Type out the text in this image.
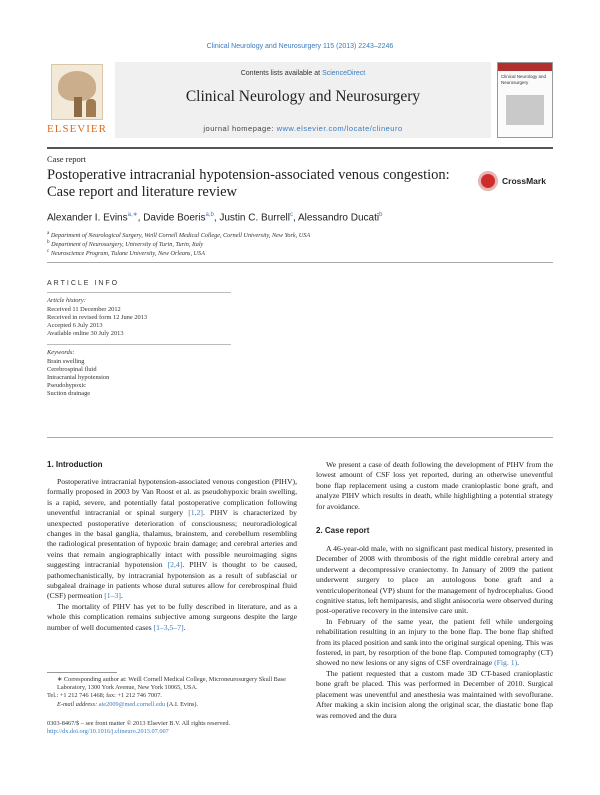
Clinical Neurology and Neurosurgery 115 (2013) 2243–2246
ELSEVIER
Contents lists available at ScienceDirect
Clinical Neurology and Neurosurgery
journal homepage: www.elsevier.com/locate/clineuro
Clinical Neurology and Neurosurgery
Case report
Postoperative intracranial hypotension-associated venous congestion: Case report and literature review
CrossMark
Alexander I. Evins$^{a,∗}$, Davide Boeris$^{a,b}$, Justin C. Burrell$^c$, Alessandro Ducati$^b$
$^a$ Department of Neurological Surgery, Weill Cornell Medical College, Cornell University, New York, USA
$^b$ Department of Neurosurgery, University of Turin, Turin, Italy
$^c$ Neuroscience Program, Tulane University, New Orleans, USA
ARTICLE INFO
Article history:
Received 11 December 2012
Received in revised form 12 June 2013
Accepted 6 July 2013
Available online 30 July 2013
Keywords:
Brain swelling
Cerebrospinal fluid
Intracranial hypotension
Pseudohypoxic
Suction drainage
1. Introduction

Postoperative intracranial hypotension-associated venous congestion (PIHV), formally proposed in 2003 by Van Roost et al. as pseudohypoxic brain swelling, is a rapid, severe, and potentially fatal postoperative complication following uneventful intracranial or spinal surgery [1,2]. PIHV is characterized by unexpected postoperative deterioration of consciousness; neuroradiological changes in the basal ganglia, thalamus, brainstem, and cerebellum resembling the radiological presentation of hypoxic brain damage; and cerebral arteries and veins that remain angiographically intact with possible neuroimaging signs suggesting intracranial hypotension [2,4]. PIHV is thought to be caused, pathomechanistically, by intracranial hypotension as a result of subfascial or subgaleal drainage in patients whose dural sutures allow for cerebrospinal fluid (CSF) permeation [1–3].

The mortality of PIHV has yet to be fully described in literature, and as a whole this complication remains subjective among surgeons despite the large number of well documented cases [1–3,5–7].

∗ Corresponding author at: Weill Cornell Medical College, Microneurosurgery Skull Base Laboratory, 1300 York Avenue, New York 10065, USA.
Tel.: +1 212 746 1468; fax: +1 212 746 7007.
E-mail address: aie2009@med.cornell.edu (A.I. Evins).
0303-8467/$ – see front matter © 2013 Elsevier B.V. All rights reserved.
http://dx.doi.org/10.1016/j.clineuro.2013.07.007

We present a case of death following the development of PIHV from the lowest amount of CSF loss yet reported, during an otherwise uneventful bone flap replacement using a custom made cranioplastic bone graft, and analyze PIHV which results in death, while highlighting a potential strategy for avoidance.

2. Case report

A 46-year-old male, with no significant past medical history, presented in December of 2008 with thrombosis of the right middle cerebral artery and underwent a decompressive craniectomy. In January of 2009 the patient underwent surgery to place an autologous bone graft and a ventriculoperitoneal (VP) shunt for the management of hydrocephalus. Good cognitive status, left hemiparesis, and slight anisocoria were observed during post-operative recovery in the intensive care unit.

In February of the same year, the patient fell while undergoing rehabilitation resulting in an injury to the bone flap. The bone flap shifted from its placed position and sank into the original surgical opening. This was fostered, in part, by resorption of the bone flap. Computed tomography (CT) showed no new lesions or any signs of CSF overdrainage (Fig. 1).

The patient requested that a custom made 3D CT-based cranioplastic bone graft be placed. This was performed in December of 2010. Surgical placement was uneventful and anesthesia was maintained with sevoflurane. After making a skin incision along the original scar, the diastatic bone flap was removed and the dura
